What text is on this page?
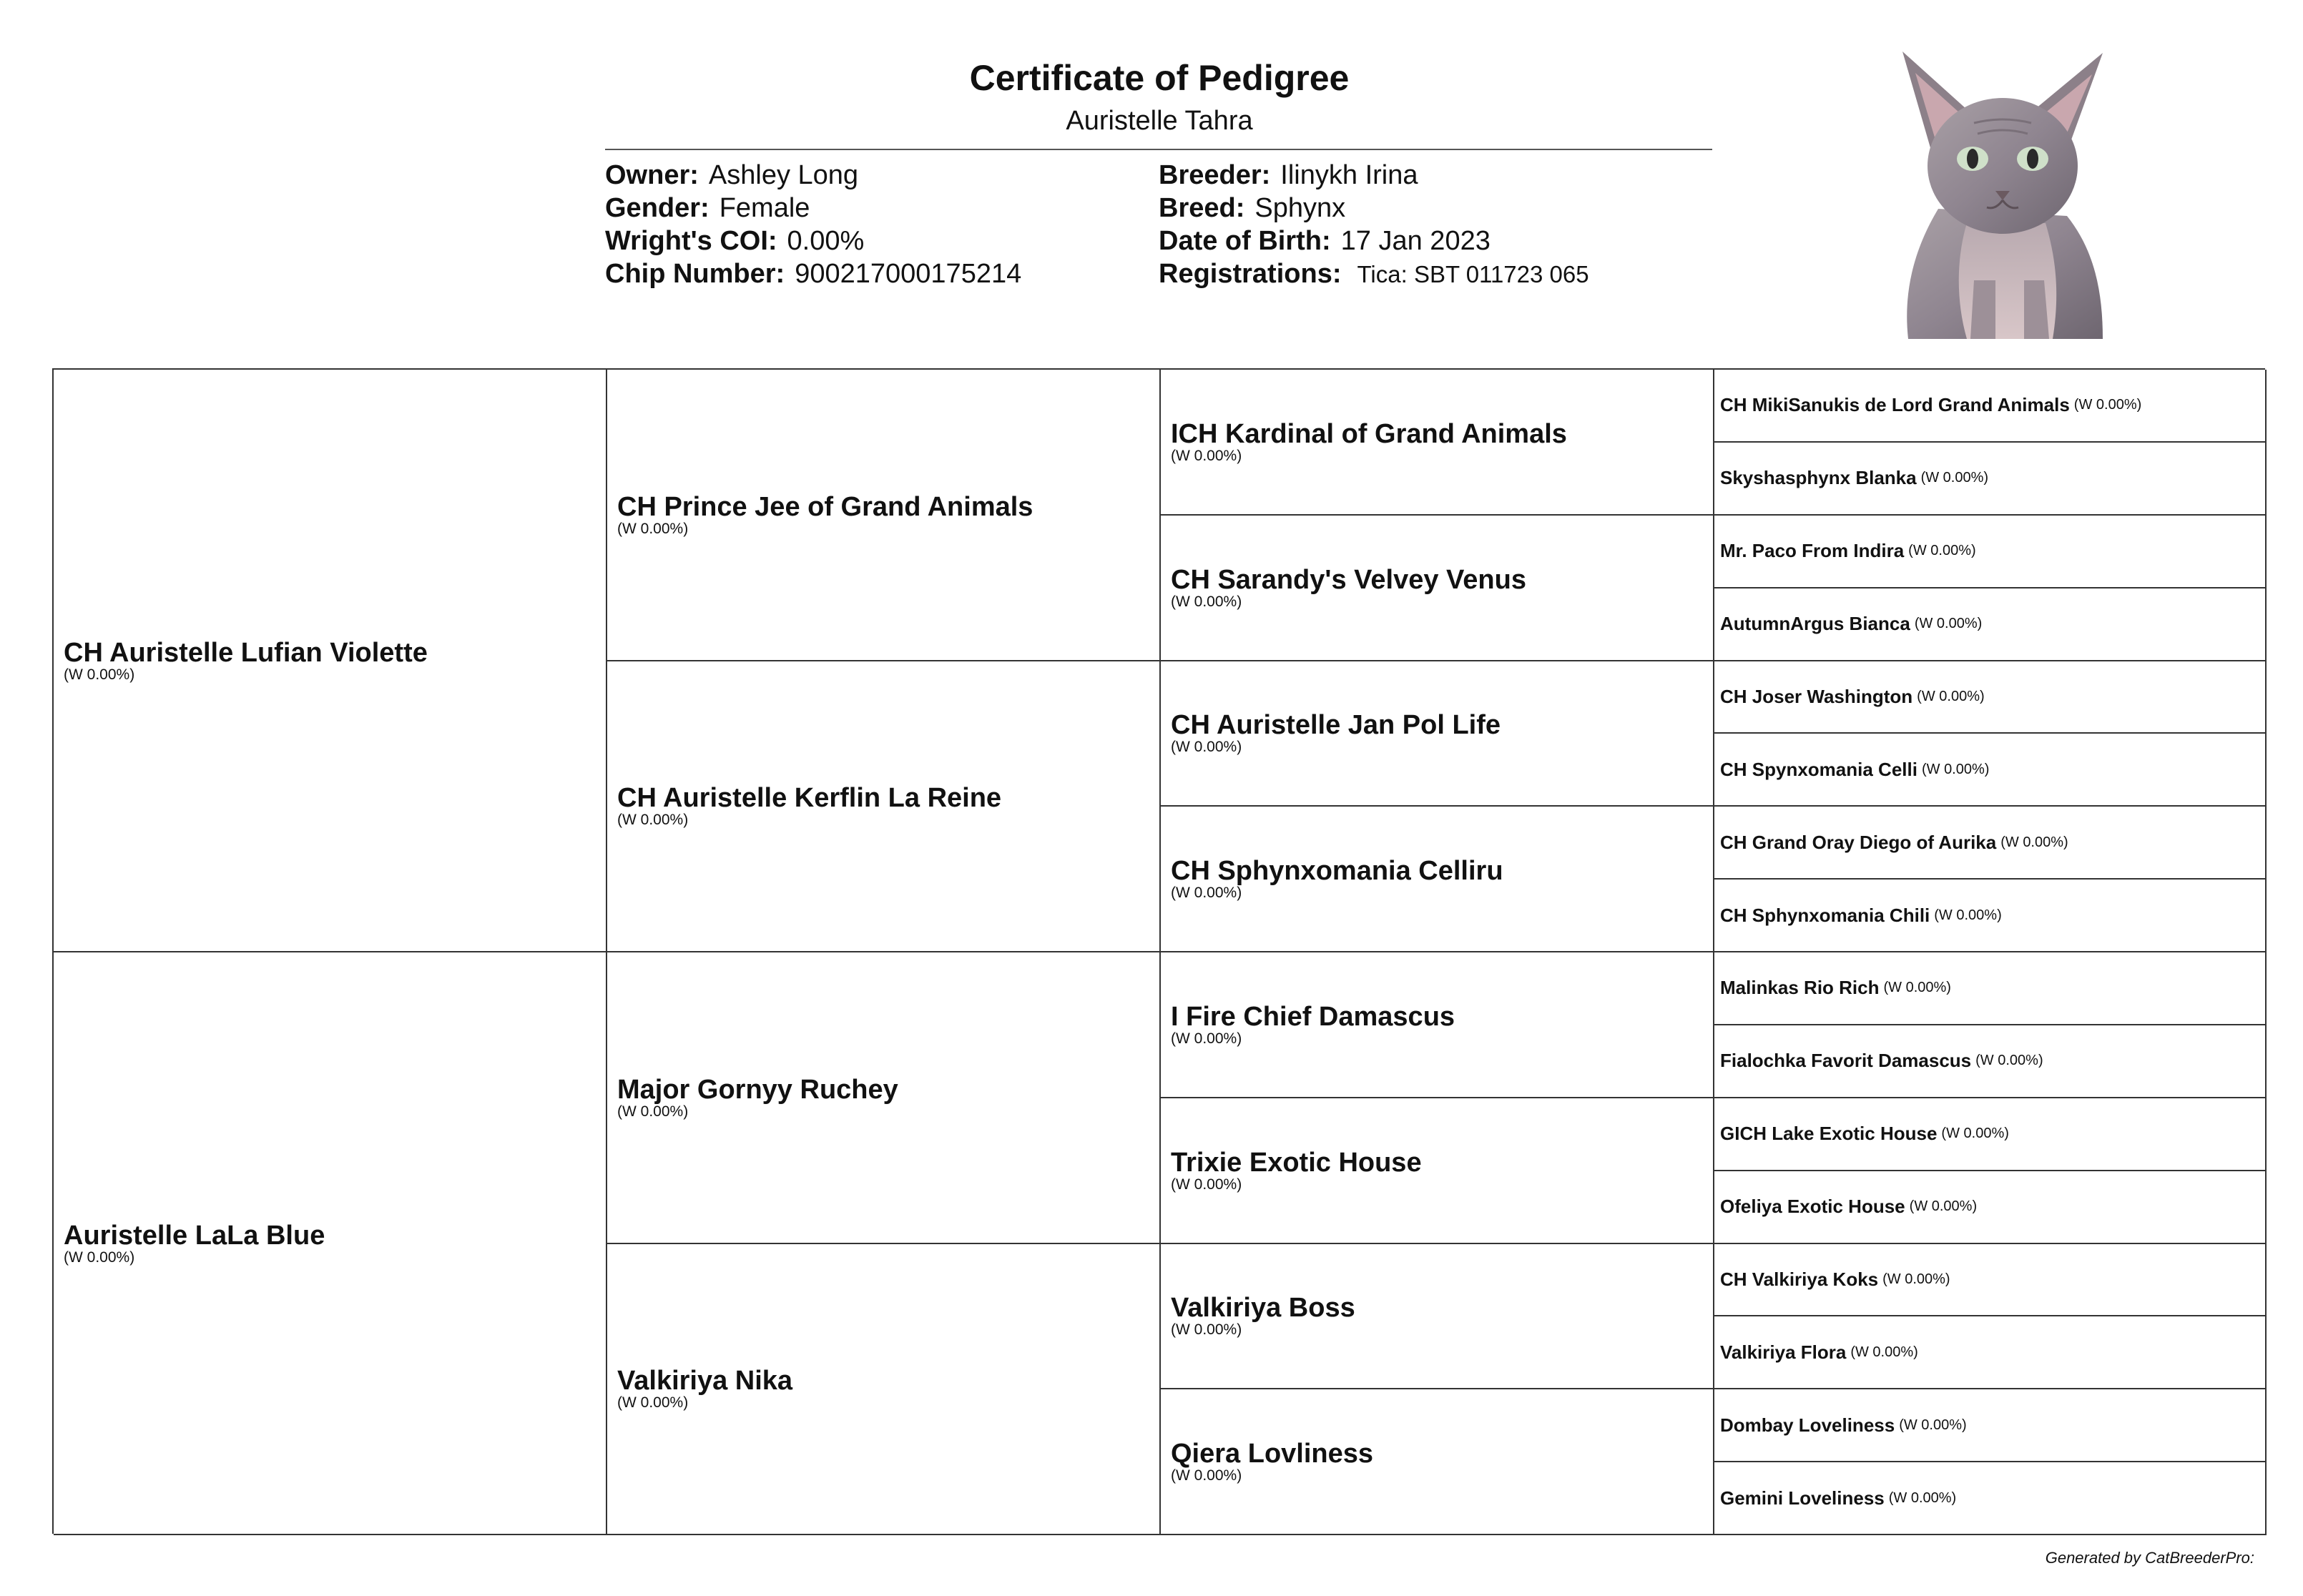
Certificate of Pedigree
Auristelle Tahra
Owner: Ashley Long
Gender: Female
Wright's COI: 0.00%
Chip Number: 900217000175214
Breeder: Ilinykh Irina
Breed: Sphynx
Date of Birth: 17 Jan 2023
Registrations: Tica: SBT 011723 065
CH Auristelle Lufian Violette
(W 0.00%)
Auristelle LaLa Blue
(W 0.00%)
CH Prince Jee of Grand Animals
(W 0.00%)
CH Auristelle Kerflin La Reine
(W 0.00%)
Major Gornyy Ruchey
(W 0.00%)
Valkiriya Nika
(W 0.00%)
ICH Kardinal of Grand Animals
(W 0.00%)
CH Sarandy's Velvey Venus
(W 0.00%)
CH Auristelle Jan Pol Life
(W 0.00%)
CH Sphynxomania Celliru
(W 0.00%)
I Fire Chief Damascus
(W 0.00%)
Trixie Exotic House
(W 0.00%)
Valkiriya Boss
(W 0.00%)
Qiera Lovliness
(W 0.00%)
CH MikiSanukis de Lord Grand Animals (W 0.00%)
Skyshasphynx Blanka (W 0.00%)
Mr. Paco From Indira (W 0.00%)
AutumnArgus Bianca (W 0.00%)
CH Joser Washington (W 0.00%)
CH Spynxomania Celli (W 0.00%)
CH Grand Oray Diego of Aurika (W 0.00%)
CH Sphynxomania Chili (W 0.00%)
Malinkas Rio Rich (W 0.00%)
Fialochka Favorit Damascus (W 0.00%)
GICH Lake Exotic House (W 0.00%)
Ofeliya Exotic House (W 0.00%)
CH Valkiriya Koks (W 0.00%)
Valkiriya Flora (W 0.00%)
Dombay Loveliness (W 0.00%)
Gemini Loveliness (W 0.00%)
Generated by CatBreederPro:
